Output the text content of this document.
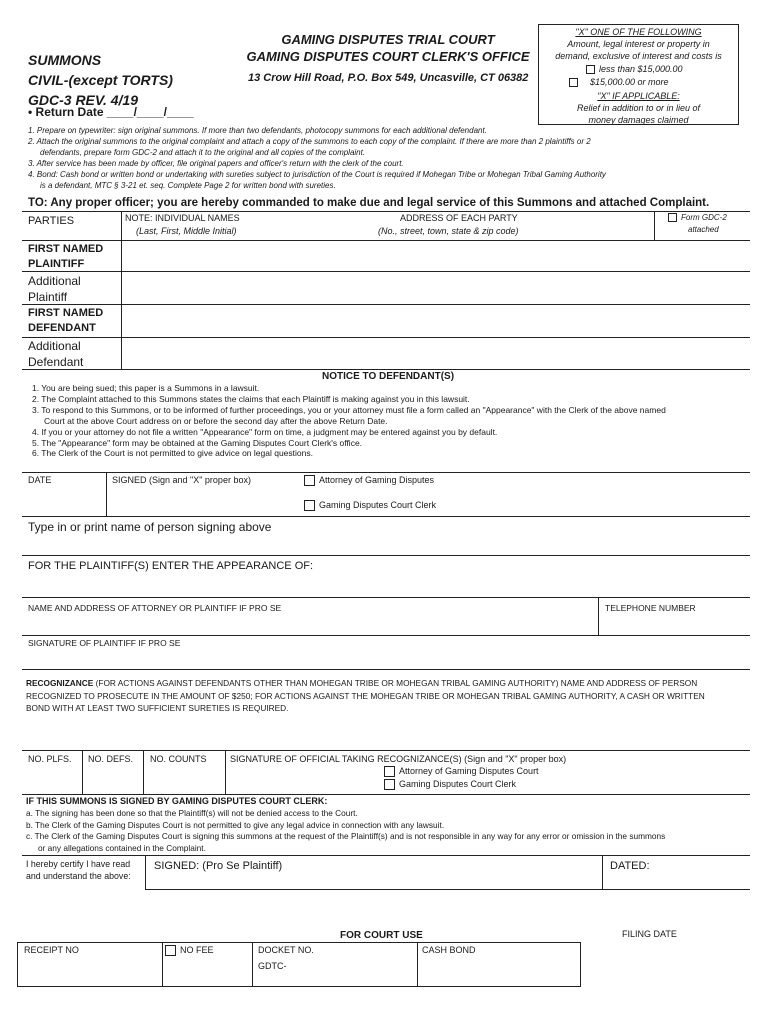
SUMMONS
CIVIL-(except TORTS)
GDC-3 REV. 4/19
GAMING DISPUTES TRIAL COURT
GAMING DISPUTES COURT CLERK'S OFFICE
13 Crow Hill Road, P.O. Box 549, Uncasville, CT 06382
• Return Date ____/____/____
"X" ONE OF THE FOLLOWING
Amount, legal interest or property in
demand, exclusive of interest and costs is
less than $15,000.00
$15,000.00 or more
"X" IF APPLICABLE:
Relief in addition to or in lieu of
money damages claimed
1. Prepare on typewriter: sign original summons. If more than two defendants, photocopy summons for each additional defendant.
2. Attach the original summons to the original complaint and attach a copy of the summons to each copy of the complaint. If there are more than 2 plaintiffs or 2
defendants, prepare form GDC-2 and attach it to the original and all copies of the complaint.
3. After service has been made by officer, file original papers and officer's return with the clerk of the court.
4. Bond: Cash bond or written bond or undertaking with sureties subject to jurisdiction of the Court is required if Mohegan Tribe or Mohegan Tribal Gaming Authority
is a defendant, MTC § 3-21 et. seq. Complete Page 2 for written bond with sureties.
TO: Any proper officer; you are hereby commanded to make due and legal service of this Summons and attached Complaint.
PARTIES	NOTE: INDIVIDUAL NAMES
(Last, First, Middle Initial)
ADDRESS OF EACH PARTY
(No., street, town, state & zip code)
Form GDC-2
attached
FIRST NAMED
PLAINTIFF
Additional
Plaintiff
FIRST NAMED
DEFENDANT
Additional
Defendant
NOTICE TO DEFENDANT(S)
1. You are being sued; this paper is a Summons in a lawsuit.
2. The Complaint attached to this Summons states the claims that each Plaintiff is making against you in this lawsuit.
3. To respond to this Summons, or to be informed of further proceedings, you or your attorney must file a form called an "Appearance" with the Clerk of the above named
Court at the above Court address on or before the second day after the above Return Date.
4. If you or your attorney do not file a written "Appearance" form on time, a judgment may be entered against you by default.
5. The "Appearance" form may be obtained at the Gaming Disputes Court Clerk's office.
6. The Clerk of the Court is not permitted to give advice on legal questions.
DATE	SIGNED (Sign and "X" proper box)	Attorney of Gaming Disputes
Gaming Disputes Court Clerk
Type in or print name of person signing above
FOR THE PLAINTIFF(S) ENTER THE APPEARANCE OF:
NAME AND ADDRESS OF ATTORNEY OR PLAINTIFF IF PRO SE	TELEPHONE NUMBER
SIGNATURE OF PLAINTIFF IF PRO SE
RECOGNIZANCE (FOR ACTIONS AGAINST DEFENDANTS OTHER THAN MOHEGAN TRIBE OR MOHEGAN TRIBAL GAMING AUTHORITY) NAME AND ADDRESS OF PERSON
RECOGNIZED TO PROSECUTE IN THE AMOUNT OF $250; FOR ACTIONS AGAINST THE MOHEGAN TRIBE OR MOHEGAN TRIBAL GAMING AUTHORITY, A CASH OR WRITTEN
BOND WITH AT LEAST TWO SUFFICIENT SURETIES IS REQUIRED.
NO. PLFS. NO. DEFS. NO. COUNTS	SIGNATURE OF OFFICIAL TAKING RECOGNIZANCE(S) (Sign and "X" proper box)
Attorney of Gaming Disputes Court
Gaming Disputes Court Clerk
IF THIS SUMMONS IS SIGNED BY GAMING DISPUTES COURT CLERK:
a. The signing has been done so that the Plaintiff(s) will not be denied access to the Court.
b. The Clerk of the Gaming Disputes Court is not permitted to give any legal advice in connection with any lawsuit.
c. The Clerk of the Gaming Disputes Court is signing this summons at the request of the Plaintiff(s) and is not responsible in any way for any error or omission in the summons
or any allegations contained in the Complaint.
I hereby certify I have read
and understand the above:
SIGNED: (Pro Se Plaintiff)	DATED:
FOR COURT USE	FILING DATE
RECEIPT NO	NO FEE	DOCKET NO.
GDTC-
CASH BOND
